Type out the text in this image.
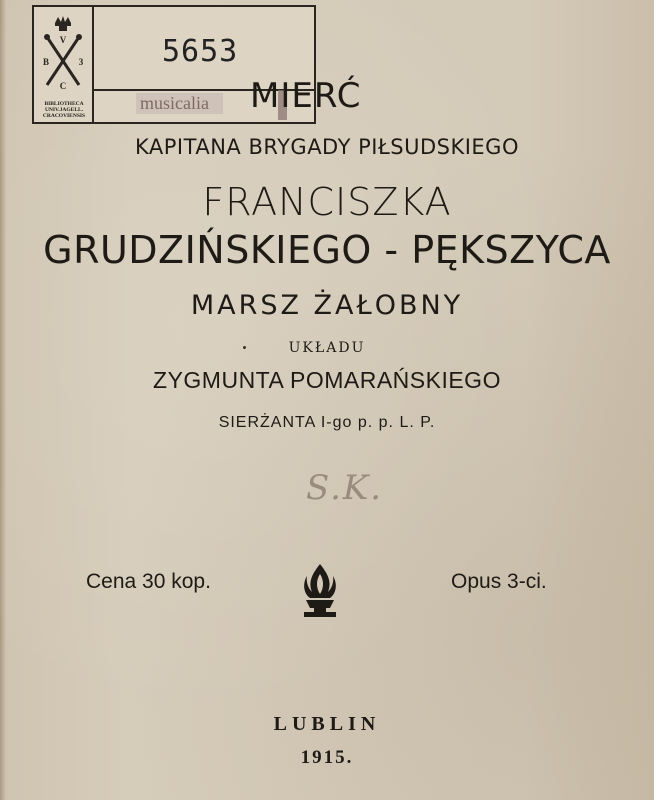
V
B	3
C
BIBLIOTHECA
UNIV.JAGELL.
CRACOVIENSIS
5653
musicalia	MIERĆ
KAPITANA BRYGADY PIŁSUDSKIEGO
FRANCISZKA
GRUDZIŃSKIEGO - PĘKSZYCA
MARSZ ŻAŁOBNY
UKŁADU
ZYGMUNTA POMARAŃSKIEGO
SIERŻANTA I-go p. p. L. P.
S.K.
Cena 30 kop.	Opus 3-ci.
LUBLIN
1915.
